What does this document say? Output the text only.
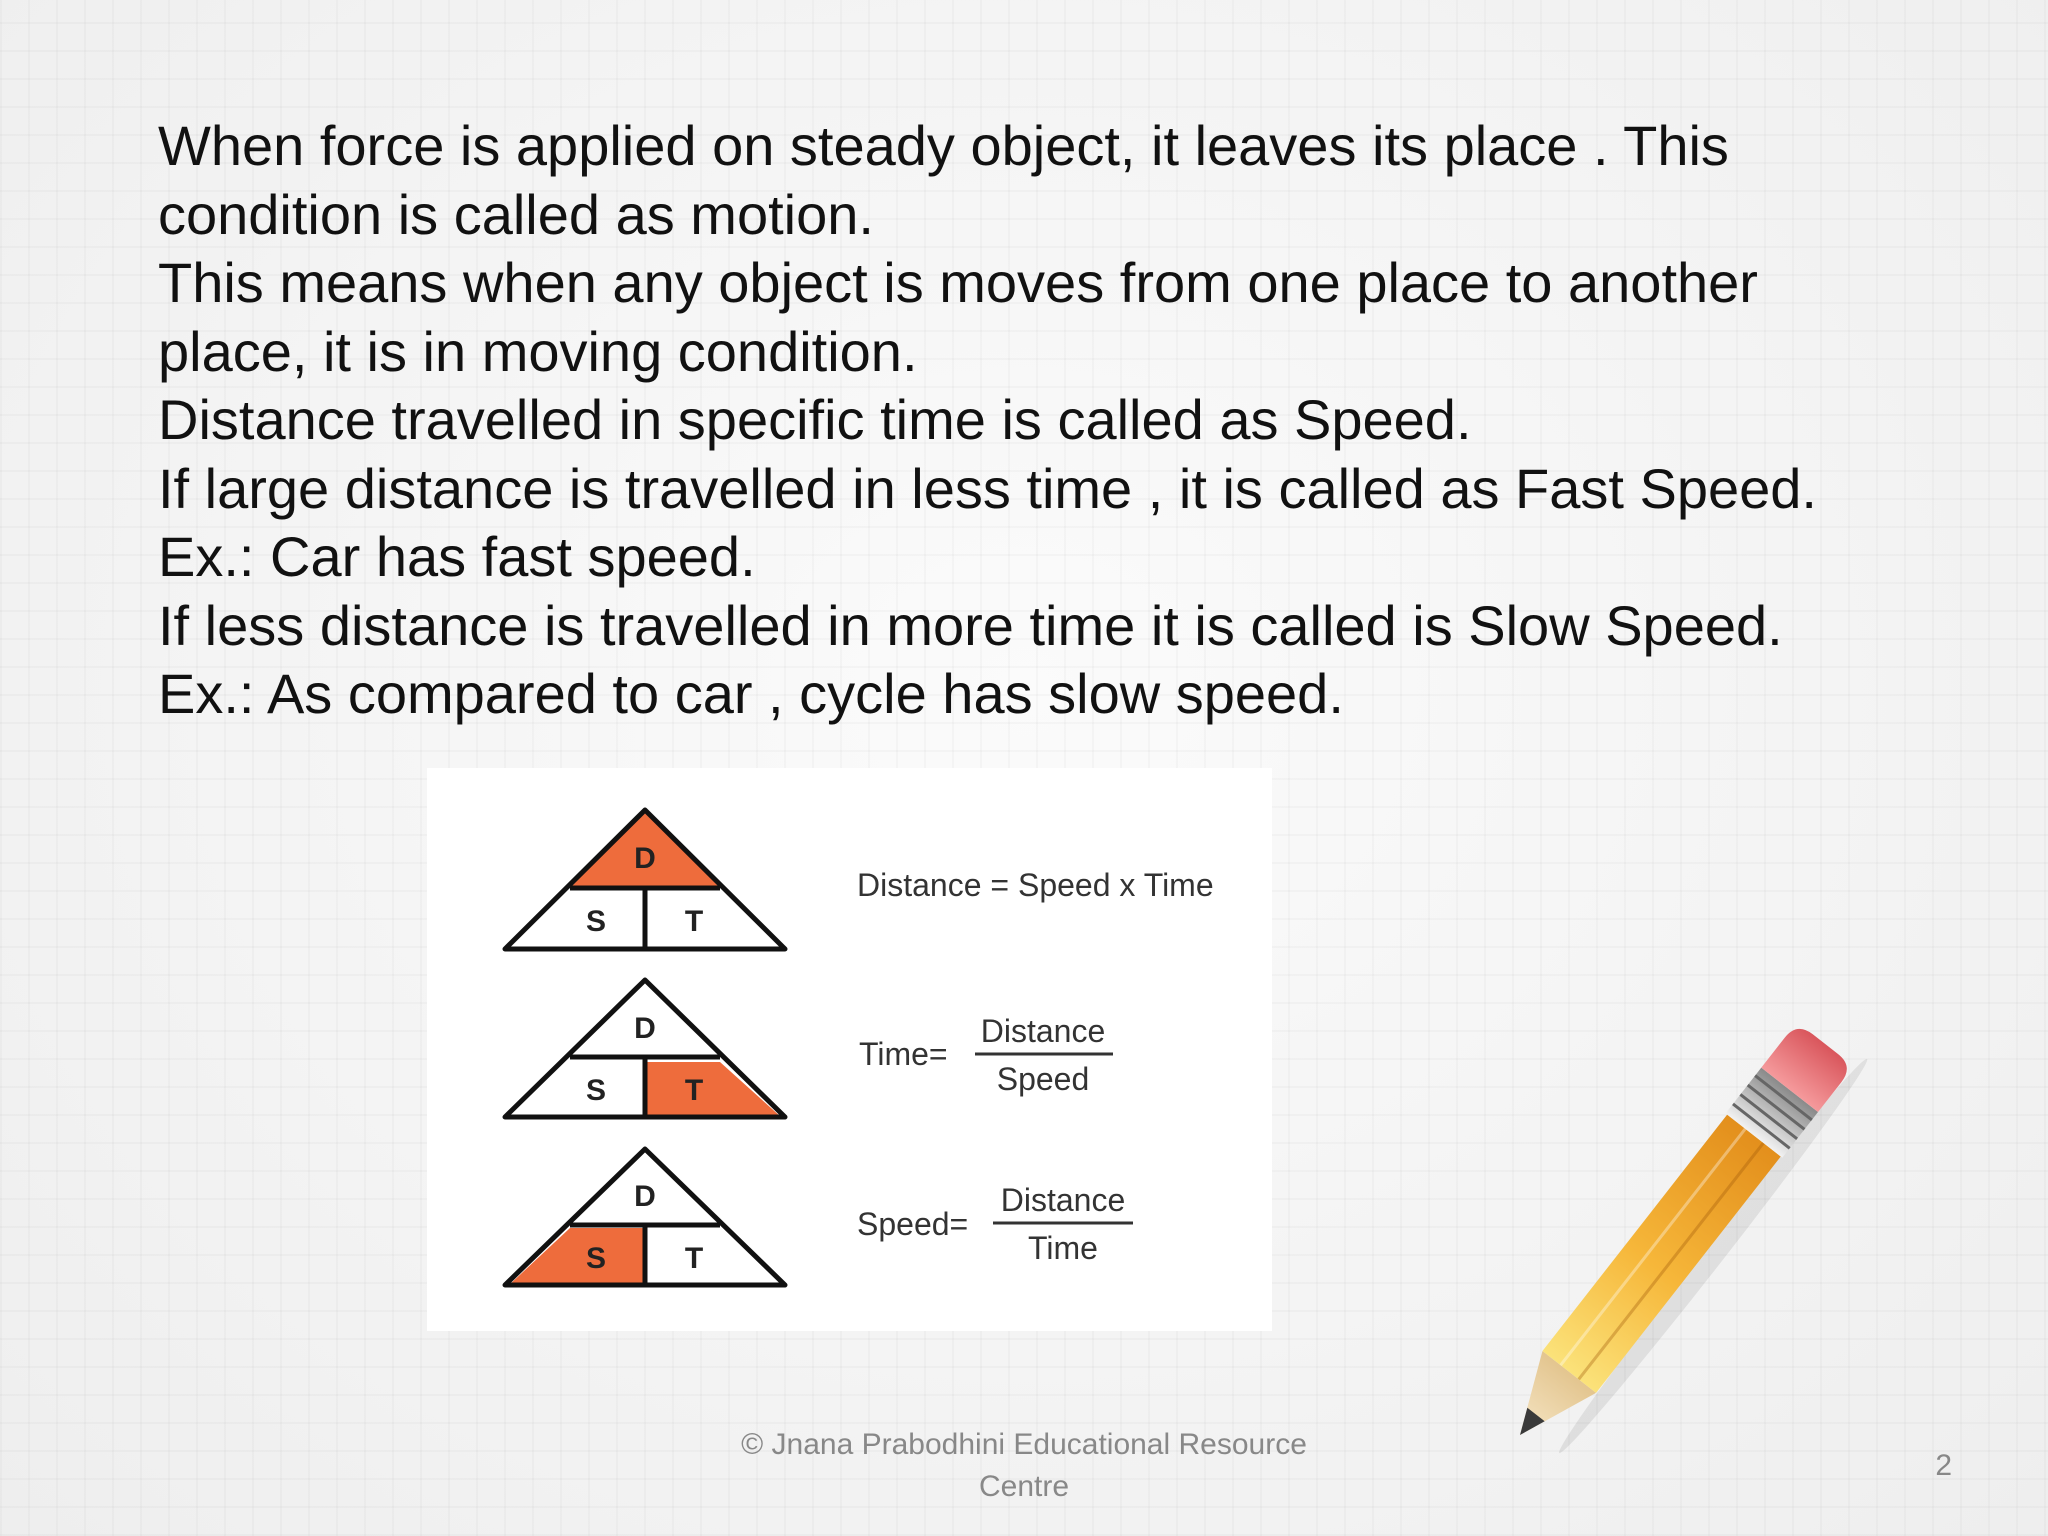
When force is applied on steady object, it leaves its place . This
condition is called as motion.
This means when any object is moves from one place to another
place, it is in moving condition.
Distance travelled in specific time is called as Speed.
If large distance is travelled in less time , it is called as Fast Speed.
Ex.: Car has fast speed.
If less distance is travelled in more time it is called is Slow Speed.
Ex.: As compared to car , cycle has slow speed.
D
S	T
Distance = Speed x Time
D
S	T
Time=
Distance
Speed
D
S	T
Speed=
Distance
Time
© Jnana Prabodhini Educational Resource
Centre
2
